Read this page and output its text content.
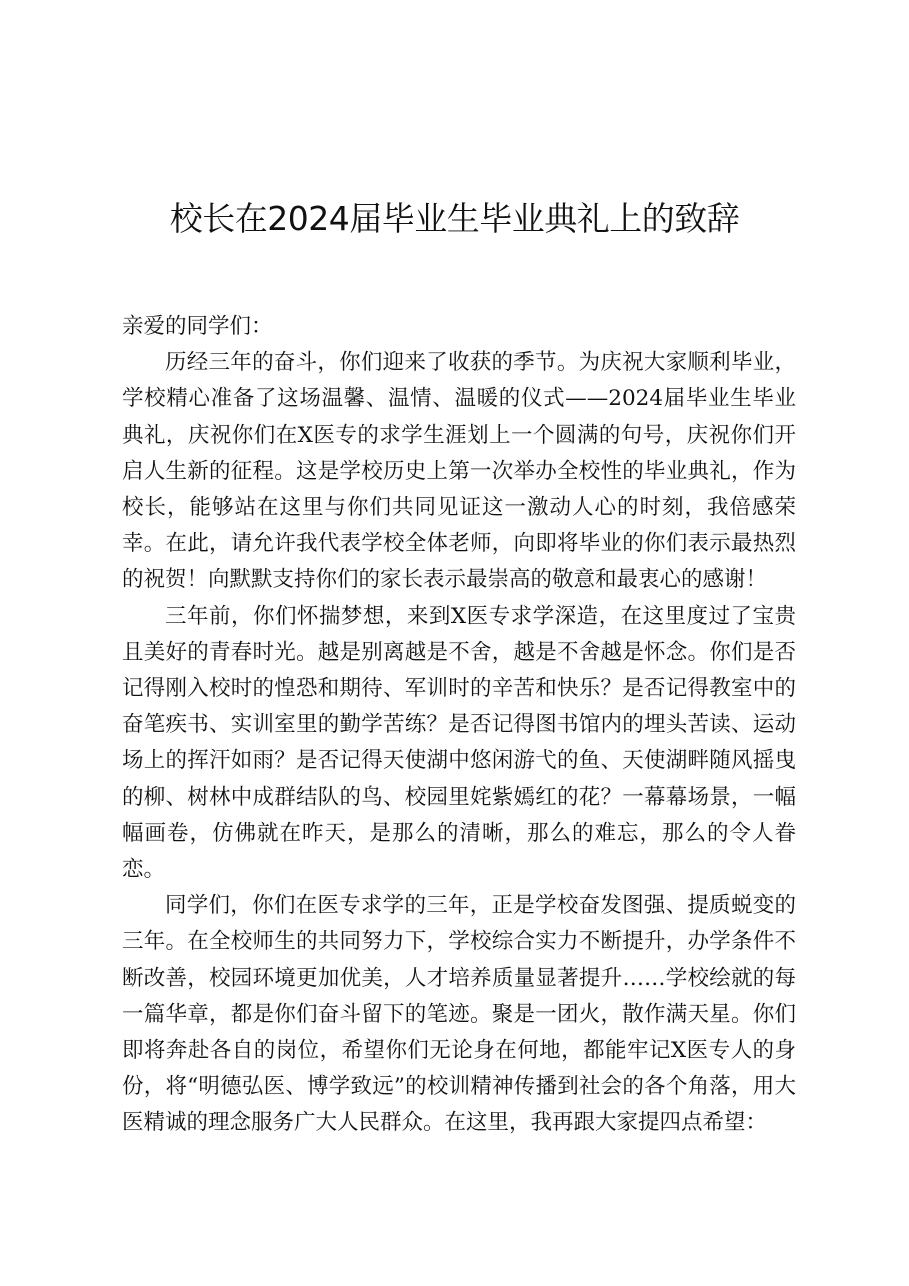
校长在2024届毕业生毕业典礼上的致辞

亲爱的同学们：

历经三年的奋斗，你们迎来了收获的季节。为庆祝大家顺利毕业，学校精心准备了这场温馨、温情、温暖的仪式——2024届毕业生毕业典礼，庆祝你们在X医专的求学生涯划上一个圆满的句号，庆祝你们开启人生新的征程。这是学校历史上第一次举办全校性的毕业典礼，作为校长，能够站在这里与你们共同见证这一激动人心的时刻，我倍感荣幸。在此，请允许我代表学校全体老师，向即将毕业的你们表示最热烈的祝贺！向默默支持你们的家长表示最崇高的敬意和最衷心的感谢！

三年前，你们怀揣梦想，来到X医专求学深造，在这里度过了宝贵且美好的青春时光。越是别离越是不舍，越是不舍越是怀念。你们是否记得刚入校时的惶恐和期待、军训时的辛苦和快乐？是否记得教室中的奋笔疾书、实训室里的勤学苦练？是否记得图书馆内的埋头苦读、运动场上的挥汗如雨？是否记得天使湖中悠闲游弋的鱼、天使湖畔随风摇曳的柳、树林中成群结队的鸟、校园里姹紫嫣红的花？一幕幕场景，一幅幅画卷，仿佛就在昨天，是那么的清晰，那么的难忘，那么的令人眷恋。

同学们，你们在医专求学的三年，正是学校奋发图强、提质蜕变的三年。在全校师生的共同努力下，学校综合实力不断提升，办学条件不断改善，校园环境更加优美，人才培养质量显著提升……学校绘就的每一篇华章，都是你们奋斗留下的笔迹。聚是一团火，散作满天星。你们即将奔赴各自的岗位，希望你们无论身在何地，都能牢记X医专人的身份，将“明德弘医、博学致远”的校训精神传播到社会的各个角落，用大医精诚的理念服务广大人民群众。在这里，我再跟大家提四点希望：
